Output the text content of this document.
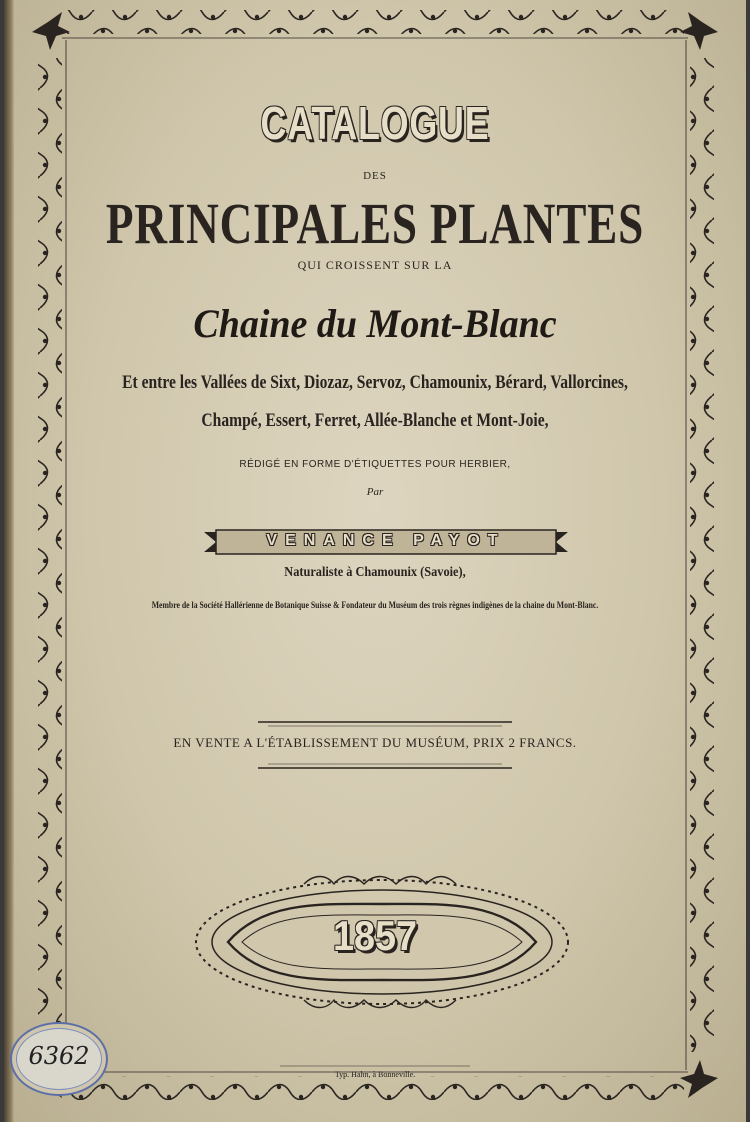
CATALOGUE
DES
PRINCIPALES PLANTES
QUI CROISSENT SUR LA
Chaine du Mont-Blanc
Et entre les Vallées de Sixt, Diozaz, Servoz, Chamounix, Bérard, Vallorcines,
Champé, Essert, Ferret, Allée-Blanche et Mont-Joie,
RÉDIGÉ EN FORME D'ÉTIQUETTES POUR HERBIER,
Par
VENANCE PAYOT
Naturaliste à Chamounix (Savoie),
Membre de la Société Hallérienne de Botanique Suisse & Fondateur du Muséum des trois règnes indigènes de la chaine du Mont-Blanc.
EN VENTE A L'ÉTABLISSEMENT DU MUSÉUM, PRIX 2 FRANCS.
1857
Typ. Hahn, à Bonneville.
6362
